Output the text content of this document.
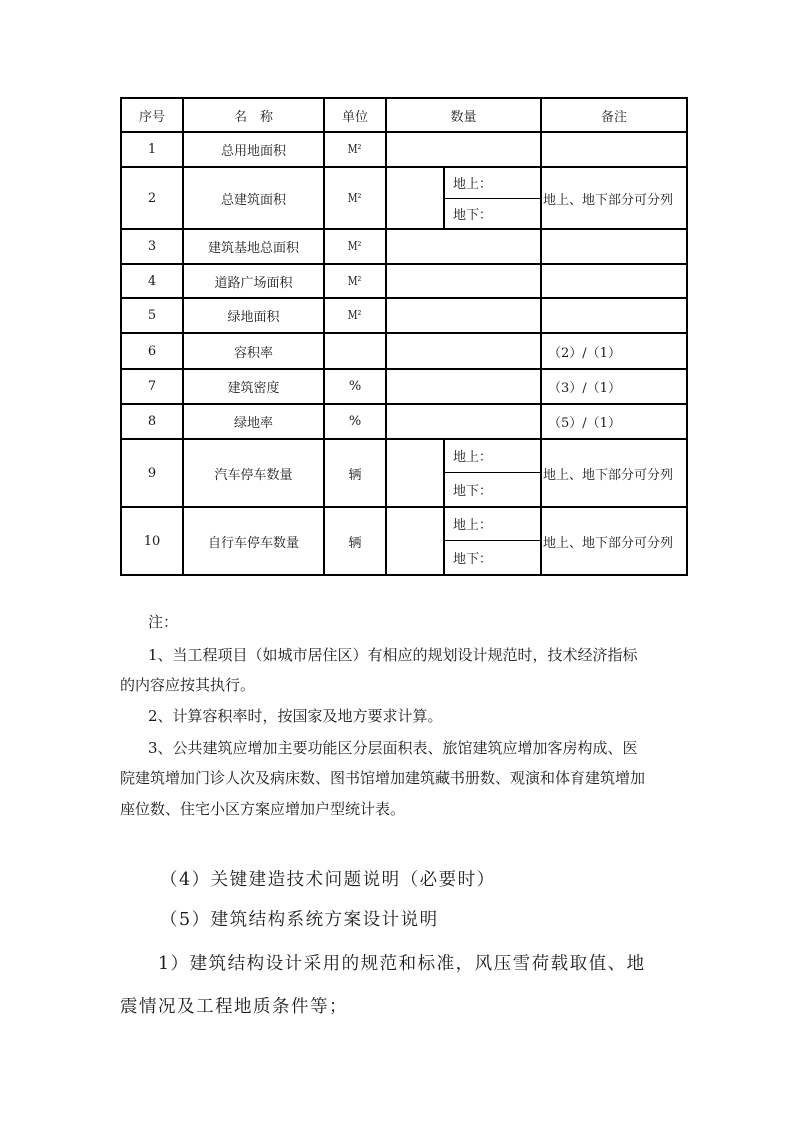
序号	名　称	单位	数量		备注
1	总用地面积	M²			
2	总建筑面积	M²		地上：	地上、地下部分可分列
				地下：	
3	建筑基地总面积	M²			
4	道路广场面积	M²			
5	绿地面积	M²			
6	容积率				（2）/（1）
7	建筑密度	%			（3）/（1）
8	绿地率	%			（5）/（1）
9	汽车停车数量	辆		地上：	地上、地下部分可分列
				地下：	
10	自行车停车数量	辆		地上：	地上、地下部分可分列
				地下：	
注：
1、当工程项目（如城市居住区）有相应的规划设计规范时，技术经济指标
的内容应按其执行。
2、计算容积率时，按国家及地方要求计算。
3、公共建筑应增加主要功能区分层面积表、旅馆建筑应增加客房构成、医
院建筑增加门诊人次及病床数、图书馆增加建筑藏书册数、观演和体育建筑增加
座位数、住宅小区方案应增加户型统计表。
（4）关键建造技术问题说明（必要时）
（5）建筑结构系统方案设计说明
1）建筑结构设计采用的规范和标准，风压雪荷载取值、地
震情况及工程地质条件等；
